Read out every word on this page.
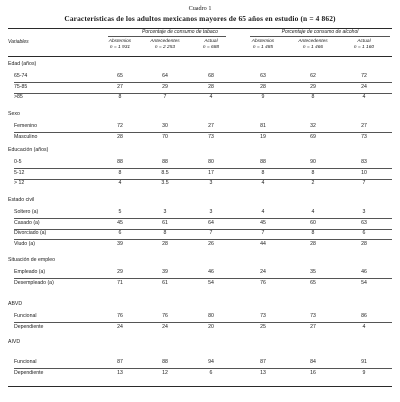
Cuadro 1
Características de los adultos mexicanos mayores de 65 años en estudio (n = 4 862)
Variables
Porcentaje de consumo de tabaco	Porcentaje de consumo de alcohol
Abstemios
n = 1 931
Antecedentes
n = 2 253
Actual
n = 688
Abstemios
n = 1 485
Antecedentes
n = 1 466
Actual
n = 1 160
Edad (años)
65-74	65	64	68	63	62	72
75-85	27	29	28	28	29	24
>85	8	7	4	9	8	4
Sexo
Femenino	72	30	27	81	32	27
Masculino	28	70	73	19	69	73
Educación (años)
0-5	88	88	80	88	90	83
5-12	8	8.5	17	8	8	10
> 12	4	3.5	3	4	2	7
Estado civil
Soltero (a)	5	3	3	4	4	3
Casado (a)	45	61	64	45	60	63
Divorciado (a)	6	8	7	7	8	6
Viudo (a)	39	28	26	44	28	28
Situación de empleo
Empleado (a)	29	39	46	24	35	46
Desempleado (a)	71	61	54	76	65	54
ABVD
Funcional	76	76	80	73	73	86
Dependiente	24	24	20	25	27	4
AIVD
Funcional	87	88	94	87	84	91
Dependiente	13	12	6	13	16	9
